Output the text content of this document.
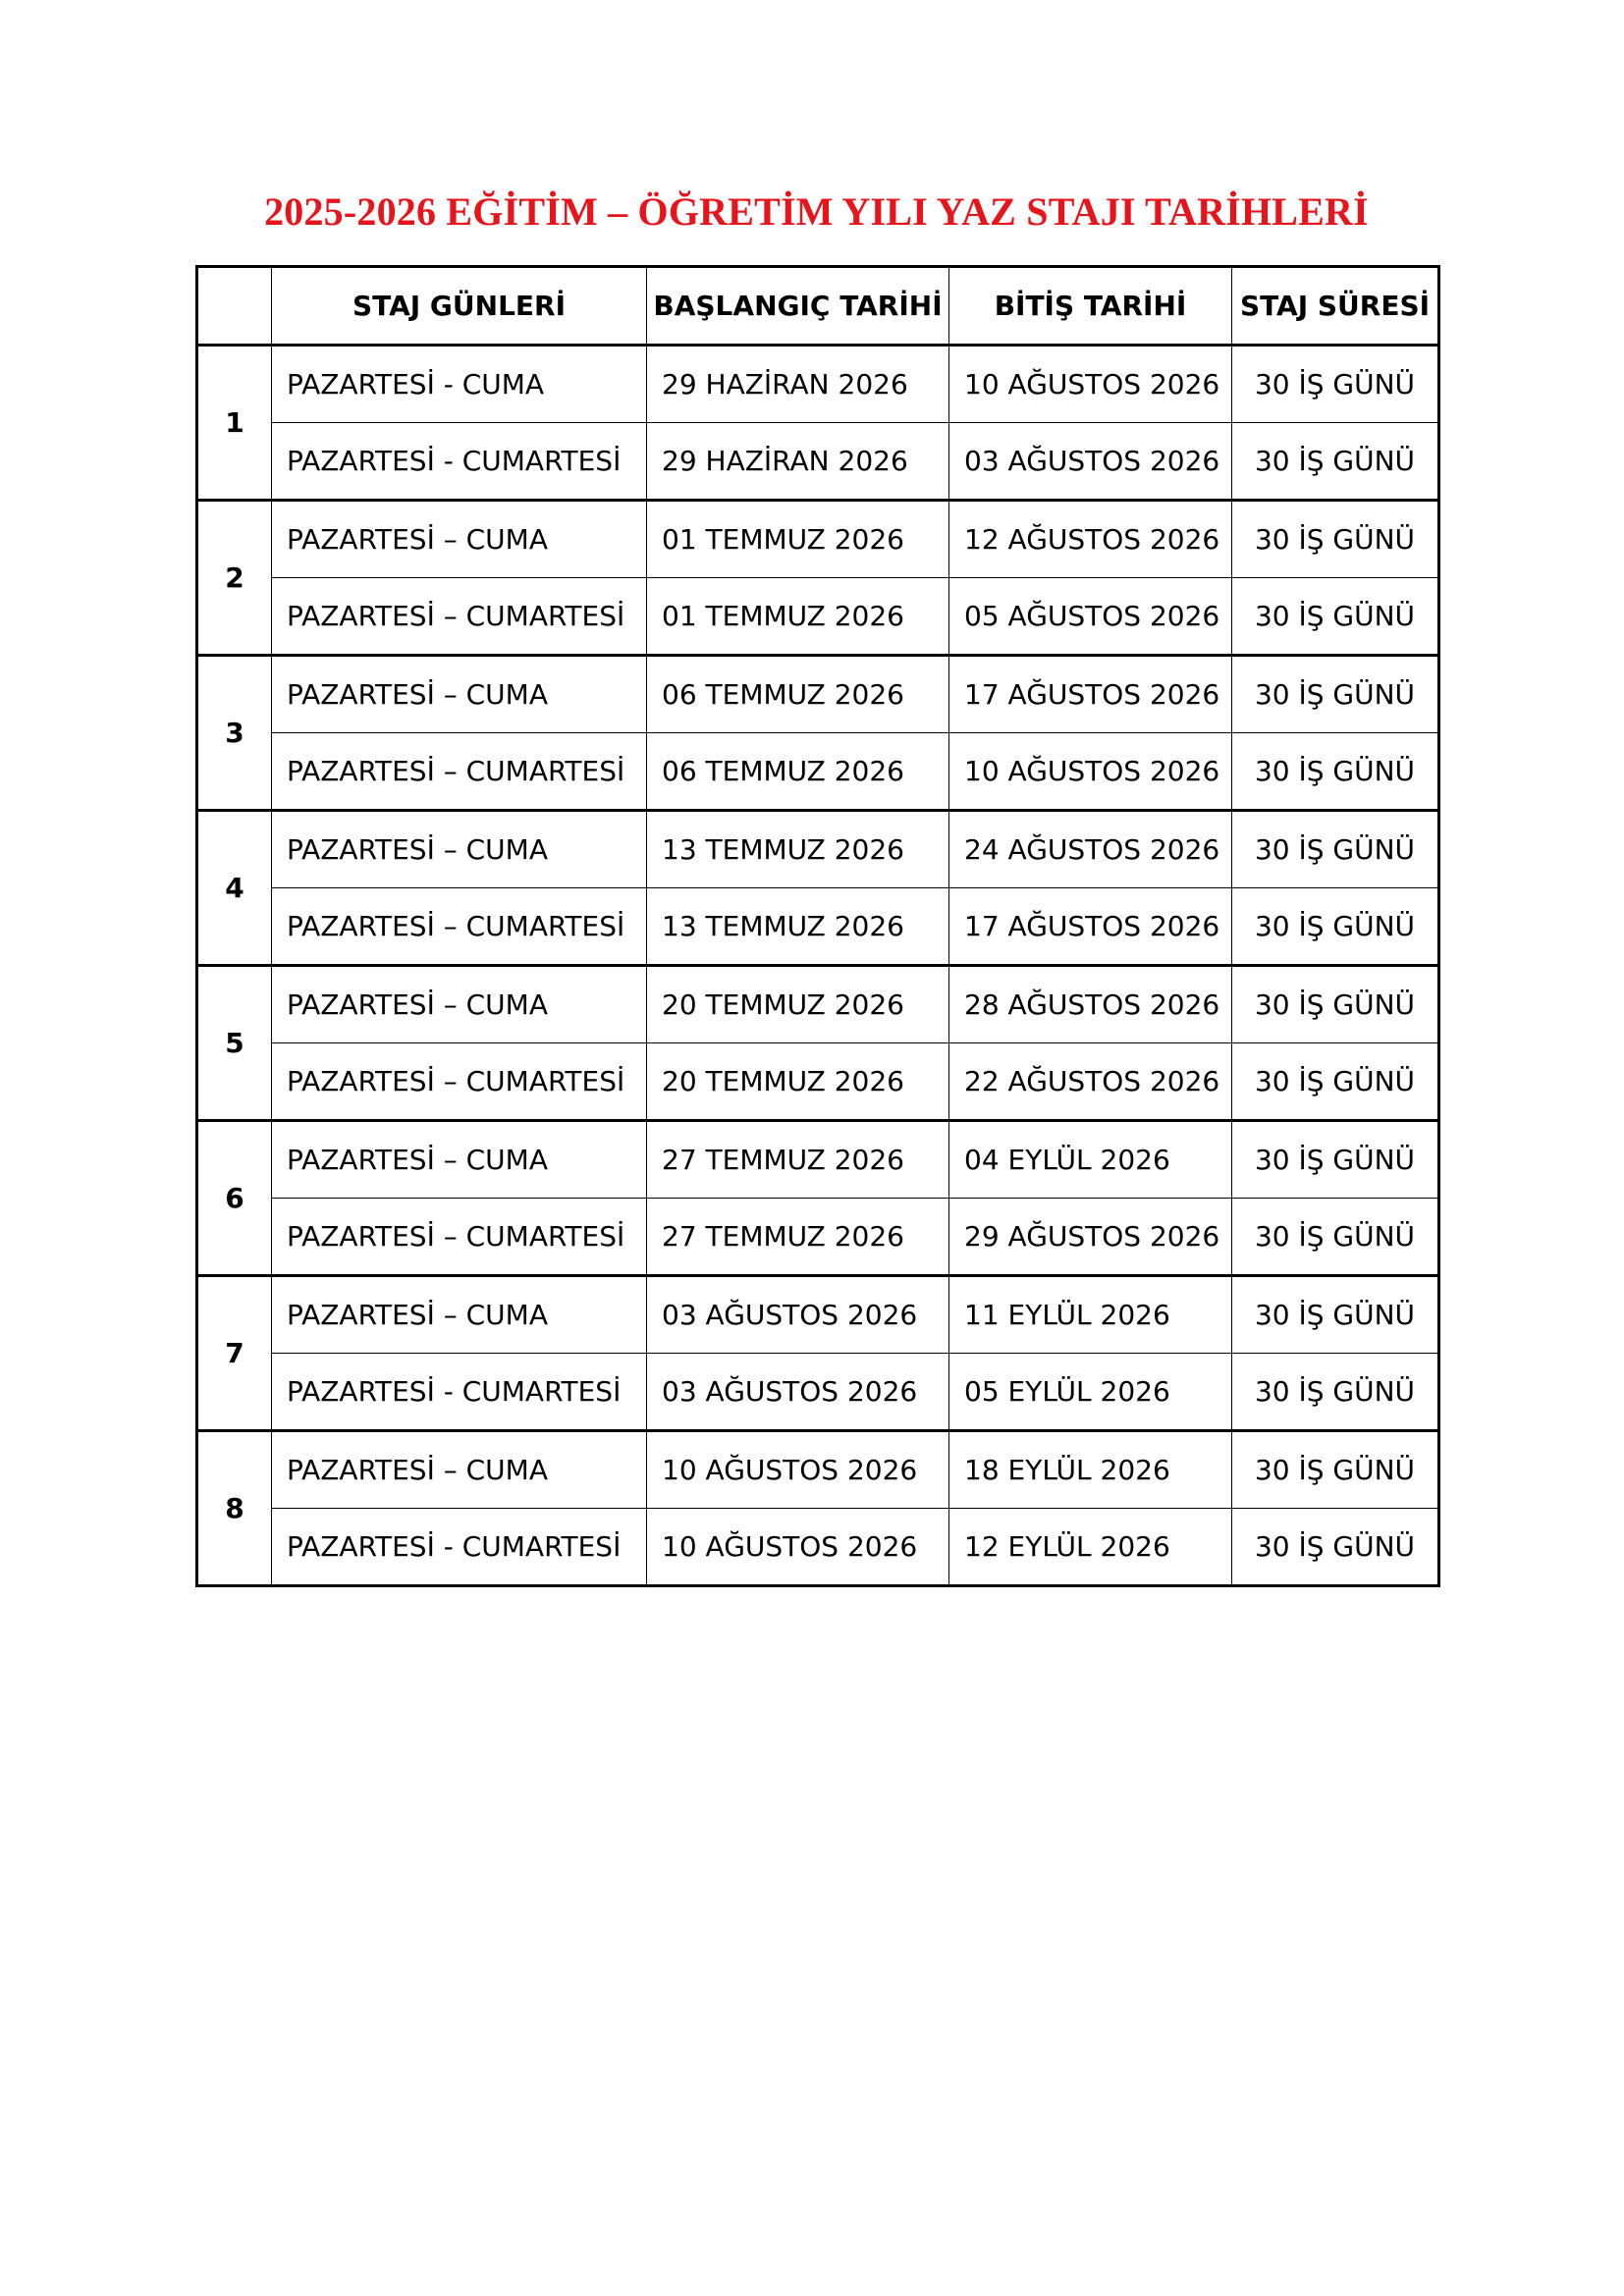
2025-2026 EĞİTİM – ÖĞRETİM YILI YAZ STAJI TARİHLERİ
	STAJ GÜNLERİ	BAŞLANGIÇ TARİHİ	BİTİŞ TARİHİ	STAJ SÜRESİ
1	PAZARTESİ - CUMA	29 HAZİRAN 2026	10 AĞUSTOS 2026	30 İŞ GÜNÜ
	PAZARTESİ - CUMARTESİ	29 HAZİRAN 2026	03 AĞUSTOS 2026	30 İŞ GÜNÜ
2	PAZARTESİ – CUMA	01 TEMMUZ 2026	12 AĞUSTOS 2026	30 İŞ GÜNÜ
	PAZARTESİ – CUMARTESİ	01 TEMMUZ 2026	05 AĞUSTOS 2026	30 İŞ GÜNÜ
3	PAZARTESİ – CUMA	06 TEMMUZ 2026	17 AĞUSTOS 2026	30 İŞ GÜNÜ
	PAZARTESİ – CUMARTESİ	06 TEMMUZ 2026	10 AĞUSTOS 2026	30 İŞ GÜNÜ
4	PAZARTESİ – CUMA	13 TEMMUZ 2026	24 AĞUSTOS 2026	30 İŞ GÜNÜ
	PAZARTESİ – CUMARTESİ	13 TEMMUZ 2026	17 AĞUSTOS 2026	30 İŞ GÜNÜ
5	PAZARTESİ – CUMA	20 TEMMUZ 2026	28 AĞUSTOS 2026	30 İŞ GÜNÜ
	PAZARTESİ – CUMARTESİ	20 TEMMUZ 2026	22 AĞUSTOS 2026	30 İŞ GÜNÜ
6	PAZARTESİ – CUMA	27 TEMMUZ 2026	04 EYLÜL 2026	30 İŞ GÜNÜ
	PAZARTESİ – CUMARTESİ	27 TEMMUZ 2026	29 AĞUSTOS 2026	30 İŞ GÜNÜ
7	PAZARTESİ – CUMA	03 AĞUSTOS 2026	11 EYLÜL 2026	30 İŞ GÜNÜ
	PAZARTESİ - CUMARTESİ	03 AĞUSTOS 2026	05 EYLÜL 2026	30 İŞ GÜNÜ
8	PAZARTESİ – CUMA	10 AĞUSTOS 2026	18 EYLÜL 2026	30 İŞ GÜNÜ
	PAZARTESİ - CUMARTESİ	10 AĞUSTOS 2026	12 EYLÜL 2026	30 İŞ GÜNÜ
